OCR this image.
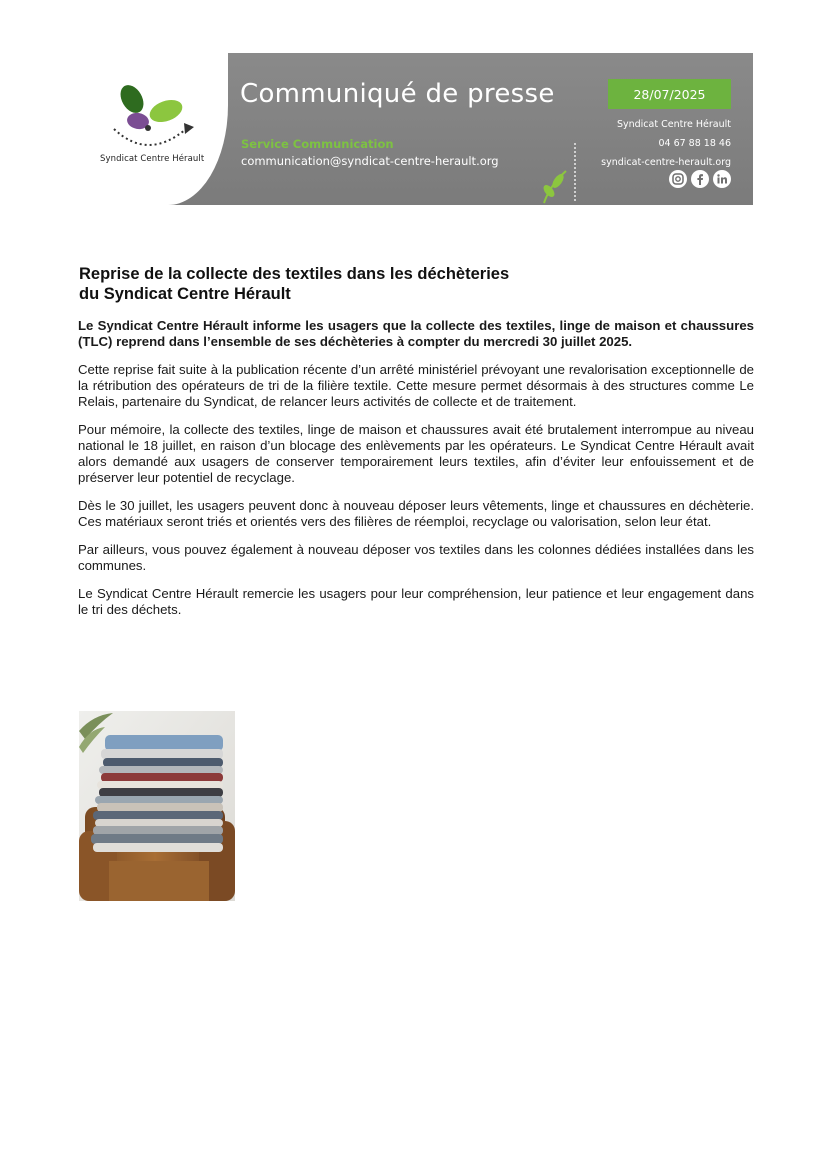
Syndicat Centre Hérault
Communiqué de presse
Service Communication
communication@syndicat-centre-herault.org
28/07/2025
Syndicat Centre Hérault
04 67 88 18 46
syndicat-centre-herault.org
Reprise de la collecte des textiles dans les déchèteries
du Syndicat Centre Hérault

Le Syndicat Centre Hérault informe les usagers que la collecte des textiles, linge de maison et chaussures (TLC) reprend dans l’ensemble de ses déchèteries à compter du mercredi 30 juillet 2025.

Cette reprise fait suite à la publication récente d’un arrêté ministériel prévoyant une revalorisation exceptionnelle de la rétribution des opérateurs de tri de la filière textile. Cette mesure permet désormais à des structures comme Le Relais, partenaire du Syndicat, de relancer leurs activités de collecte et de traitement.

Pour mémoire, la collecte des textiles, linge de maison et chaussures avait été brutalement interrompue au niveau national le 18 juillet, en raison d’un blocage des enlèvements par les opérateurs. Le Syndicat Centre Hérault avait alors demandé aux usagers de conserver temporairement leurs textiles, afin d’éviter leur enfouissement et de préserver leur potentiel de recyclage.

Dès le 30 juillet, les usagers peuvent donc à nouveau déposer leurs vêtements, linge et chaussures en déchèterie. Ces matériaux seront triés et orientés vers des filières de réemploi, recyclage ou valorisation, selon leur état.

Par ailleurs, vous pouvez également à nouveau déposer vos textiles dans les colonnes dédiées installées dans les communes.

Le Syndicat Centre Hérault remercie les usagers pour leur compréhension, leur patience et leur engagement dans le tri des déchets.
